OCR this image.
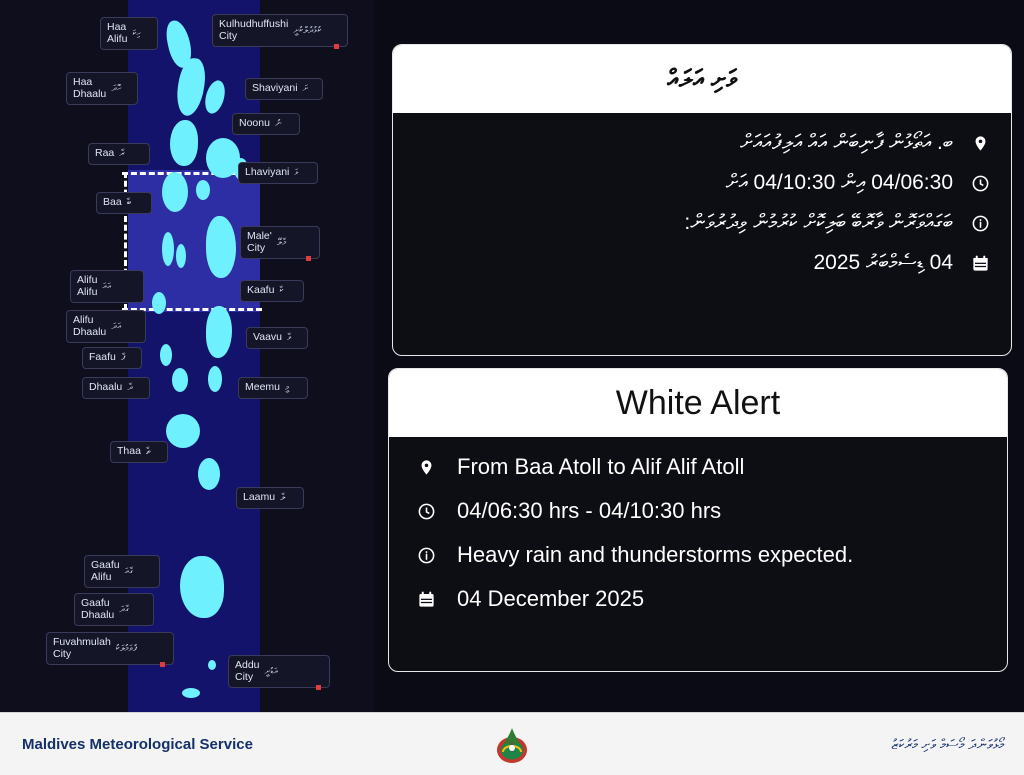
Haa
Alifu ހިކަ
Kulhudhuffushi
City	ކުޅުދުލްކުށީ
Haa
Dhaalu ހޮދަ	Shaviyani ށަ
Noonu ނު
Raa ރާ
Lhaviyani ޅަ
Baa ބާ
Male'
City	މާލޭ
Kaafu ކާ
Alifu
Alifu އައަ
Alifu
Dhaalu އަދަ
Vaavu ވާ
Faafu ފާ
Dhaalu ދާ	Meemu މީ
Thaa ތާ
Laamu ލާ
Gaafu
Alifu	ގާއަ
Gaafu
Dhaalu ގާދަ
Fuvahmulah
City	ފުވަމުލަކު
Addu
City	އަޑުށީ
ވަށި އަލައް
ބ. އަތ﻿ޯޅުން ފާނިބަން އައް އަލިފުއައަށް
04/06:30 އިން 04/10:30 އަށް
ބަގައްވަރޮން ވާރޮބޭ ބަލިކޮށް ކުރުމުން ވިދުރުވަން:
04 ޑިސެމްބަރު 2025
White Alert
From Baa Atoll to Alif Alif Atoll
04/06:30 hrs - 04/10:30 hrs
Heavy rain and thunderstorms expected.
04 December 2025
Maldives Meteorological Service	މޯޅުވަންދަ މޯސަމް ވަށި މަރުކަޒު
